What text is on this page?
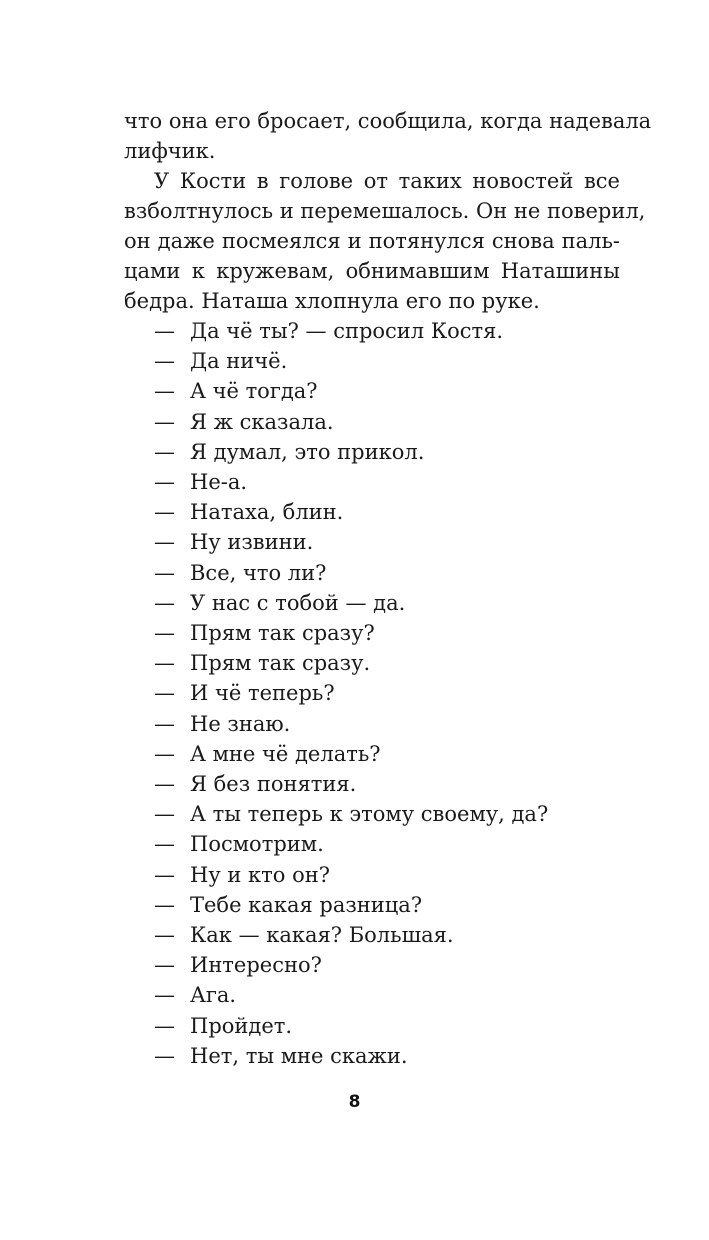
что она его бросает, сообщила, когда надевала
лифчик.

У Кости в голове от таких новостей все
взболтнулось и перемешалось. Он не поверил,
он даже посмеялся и потянулся снова паль-
цами к кружевам, обнимавшим Наташины
бедра. Наташа хлопнула его по руке.

— Да чё ты? — спросил Костя.
— Да ничё.
— А чё тогда?
— Я ж сказала.
— Я думал, это прикол.
— Не-а.
— Натаха, блин.
— Ну извини.
— Все, что ли?
— У нас с тобой — да.
— Прям так сразу?
— Прям так сразу.
— И чё теперь?
— Не знаю.
— А мне чё делать?
— Я без понятия.
— А ты теперь к этому своему, да?
— Посмотрим.
— Ну и кто он?
— Тебе какая разница?
— Как — какая? Большая.
— Интересно?
— Ага.
— Пройдет.
— Нет, ты мне скажи.
8
